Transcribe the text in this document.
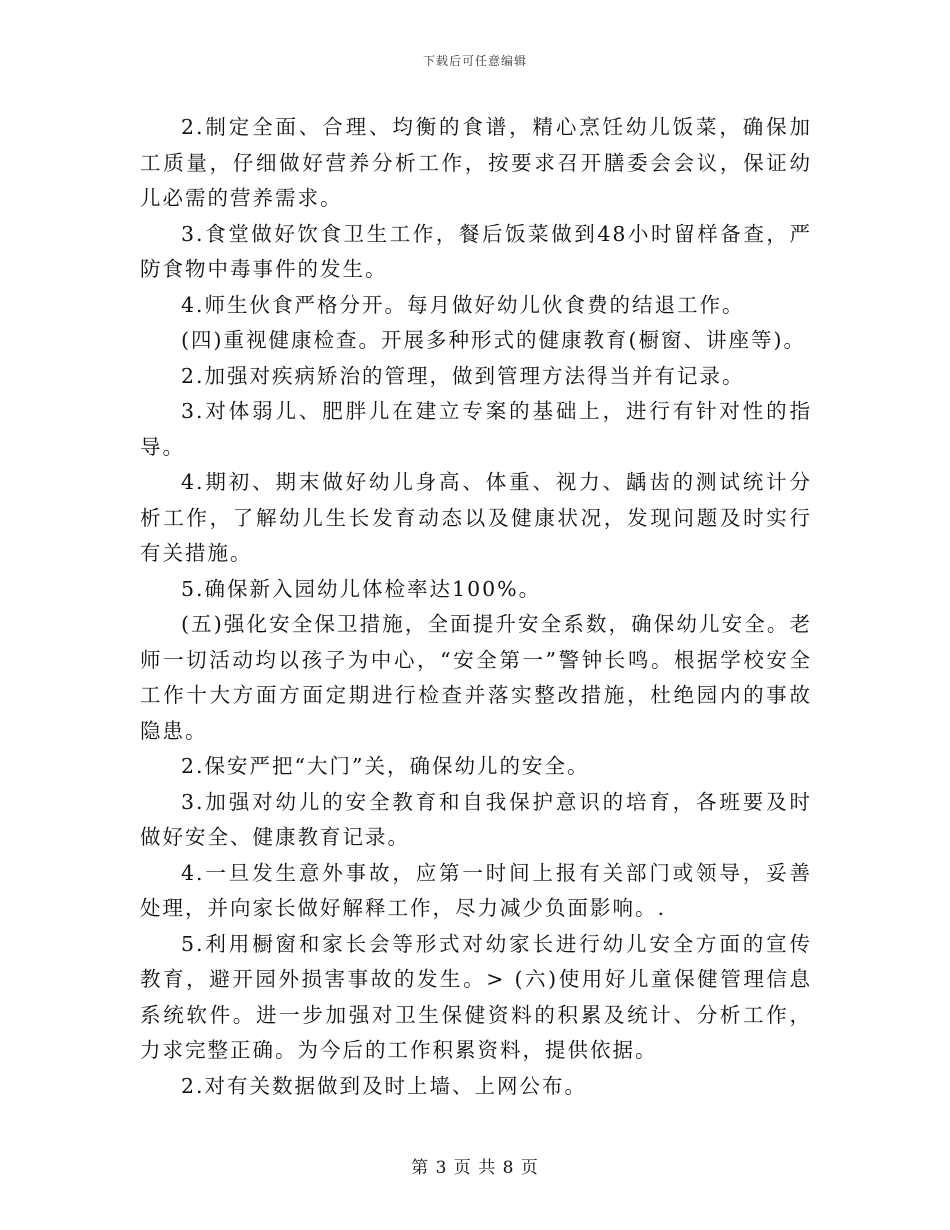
下载后可任意编辑

2.制定全面、合理、均衡的食谱，精心烹饪幼儿饭菜，确保加工质量，仔细做好营养分析工作，按要求召开膳委会会议，保证幼儿必需的营养需求。

3.食堂做好饮食卫生工作，餐后饭菜做到48小时留样备查，严防食物中毒事件的发生。

4.师生伙食严格分开。每月做好幼儿伙食费的结退工作。

(四)重视健康检查。开展多种形式的健康教育(橱窗、讲座等)。

2.加强对疾病矫治的管理，做到管理方法得当并有记录。

3.对体弱儿、肥胖儿在建立专案的基础上，进行有针对性的指导。

4.期初、期末做好幼儿身高、体重、视力、龋齿的测试统计分析工作，了解幼儿生长发育动态以及健康状况，发现问题及时实行有关措施。

5.确保新入园幼儿体检率达100%。

(五)强化安全保卫措施，全面提升安全系数，确保幼儿安全。老师一切活动均以孩子为中心，“安全第一”警钟长鸣。根据学校安全工作十大方面方面定期进行检查并落实整改措施，杜绝园内的事故隐患。

2.保安严把“大门”关，确保幼儿的安全。

3.加强对幼儿的安全教育和自我保护意识的培育，各班要及时做好安全、健康教育记录。

4.一旦发生意外事故，应第一时间上报有关部门或领导，妥善处理，并向家长做好解释工作，尽力减少负面影响。.

5.利用橱窗和家长会等形式对幼家长进行幼儿安全方面的宣传教育，避开园外损害事故的发生。> (六)使用好儿童保健管理信息系统软件。进一步加强对卫生保健资料的积累及统计、分析工作，力求完整正确。为今后的工作积累资料，提供依据。

2.对有关数据做到及时上墙、上网公布。

第 3 页 共 8 页
